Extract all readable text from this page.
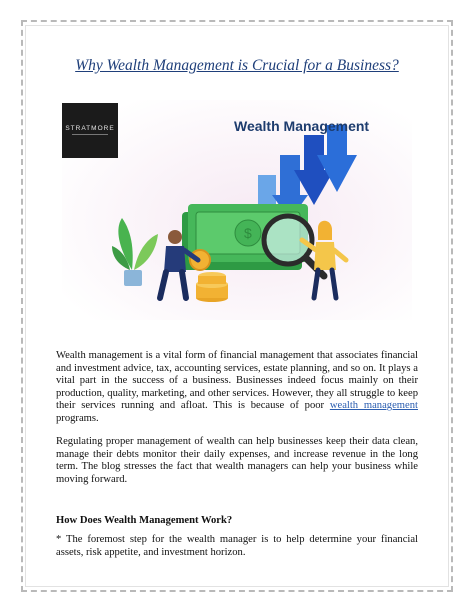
Why Wealth Management is Crucial for a Business?
$
STRATMORE	Wealth Management
Wealth management is a vital form of financial management that associates financial and investment advice, tax, accounting services, estate planning, and so on. It plays a vital part in the success of a business. Businesses indeed focus mainly on their production, quality, marketing, and other services. However, they all struggle to keep their services running and afloat. This is because of poor wealth management programs.
Regulating proper management of wealth can help businesses keep their data clean, manage their debts monitor their daily expenses, and increase revenue in the long term. The blog stresses the fact that wealth managers can help your business while moving forward.
How Does Wealth Management Work?
* The foremost step for the wealth manager is to help determine your financial assets, risk appetite, and investment horizon.
